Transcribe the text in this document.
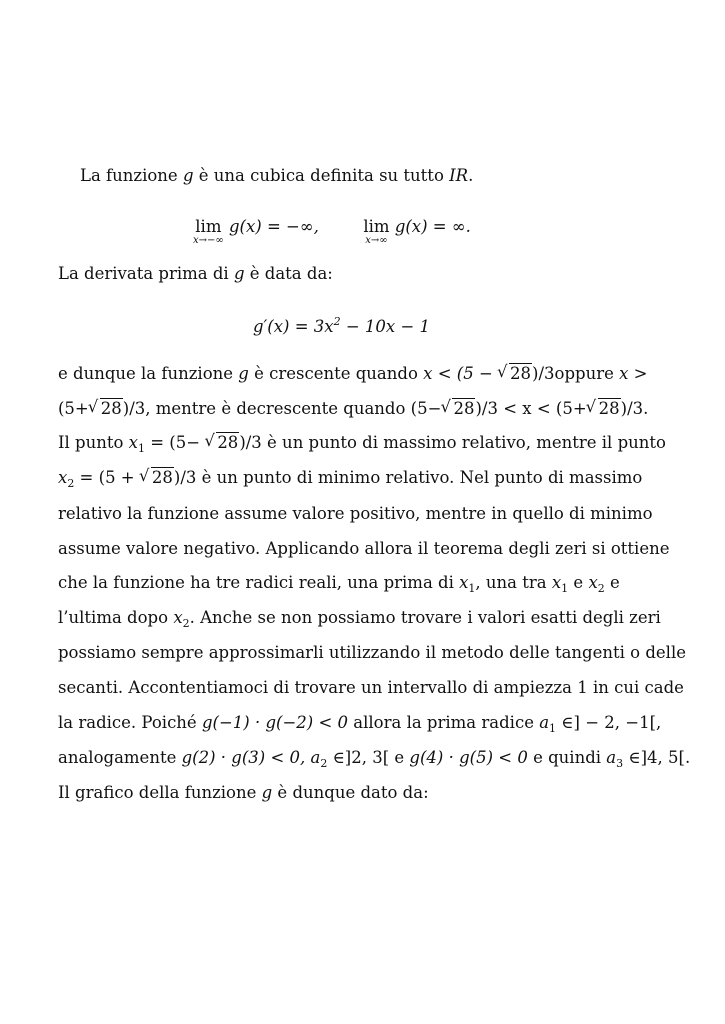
La funzione g è una cubica definita su tutto IR.
lim
x→−∞
g(x) = −∞,	lim
x→∞
g(x) = ∞.
La derivata prima di g è data da:
$g'(x) = 3x^2 - 10x - 1$
e dunque la funzione g è crescente quando x < (5 − √ 28)/3 oppure x >
(5+ √ 28)/3, mentre è decrescente quando (5− √ 28)/3 < x < (5+ √ 28)/3.
Il punto $x_1 = (5-$ √ 28)/3 è un punto di massimo relativo, mentre il punto
$x_2 = (5$ + √ 28)/3 è un punto di minimo relativo. Nel punto di massimo
relativo la funzione assume valore positivo, mentre in quello di minimo
assume valore negativo. Applicando allora il teorema degli zeri si ottiene
che la funzione ha tre radici reali, una prima di $x_1$, una tra $x_1$ e $x_2$ e
l’ultima dopo $x_2$. Anche se non possiamo trovare i valori esatti degli zeri
possiamo sempre approssimarli utilizzando il metodo delle tangenti o delle
secanti. Accontentiamoci di trovare un intervallo di ampiezza 1 in cui cade
la radice. Poiché g(−1) · g(−2) < 0 allora la prima radice $a_1$ ∈] − 2, −1[,
analogamente g(2) · g(3) < 0, $a_2$ ∈]2, 3[ e g(4) · g(5) < 0 e quindi $a_3$ ∈]4, 5[.
Il grafico della funzione g è dunque dato da:
